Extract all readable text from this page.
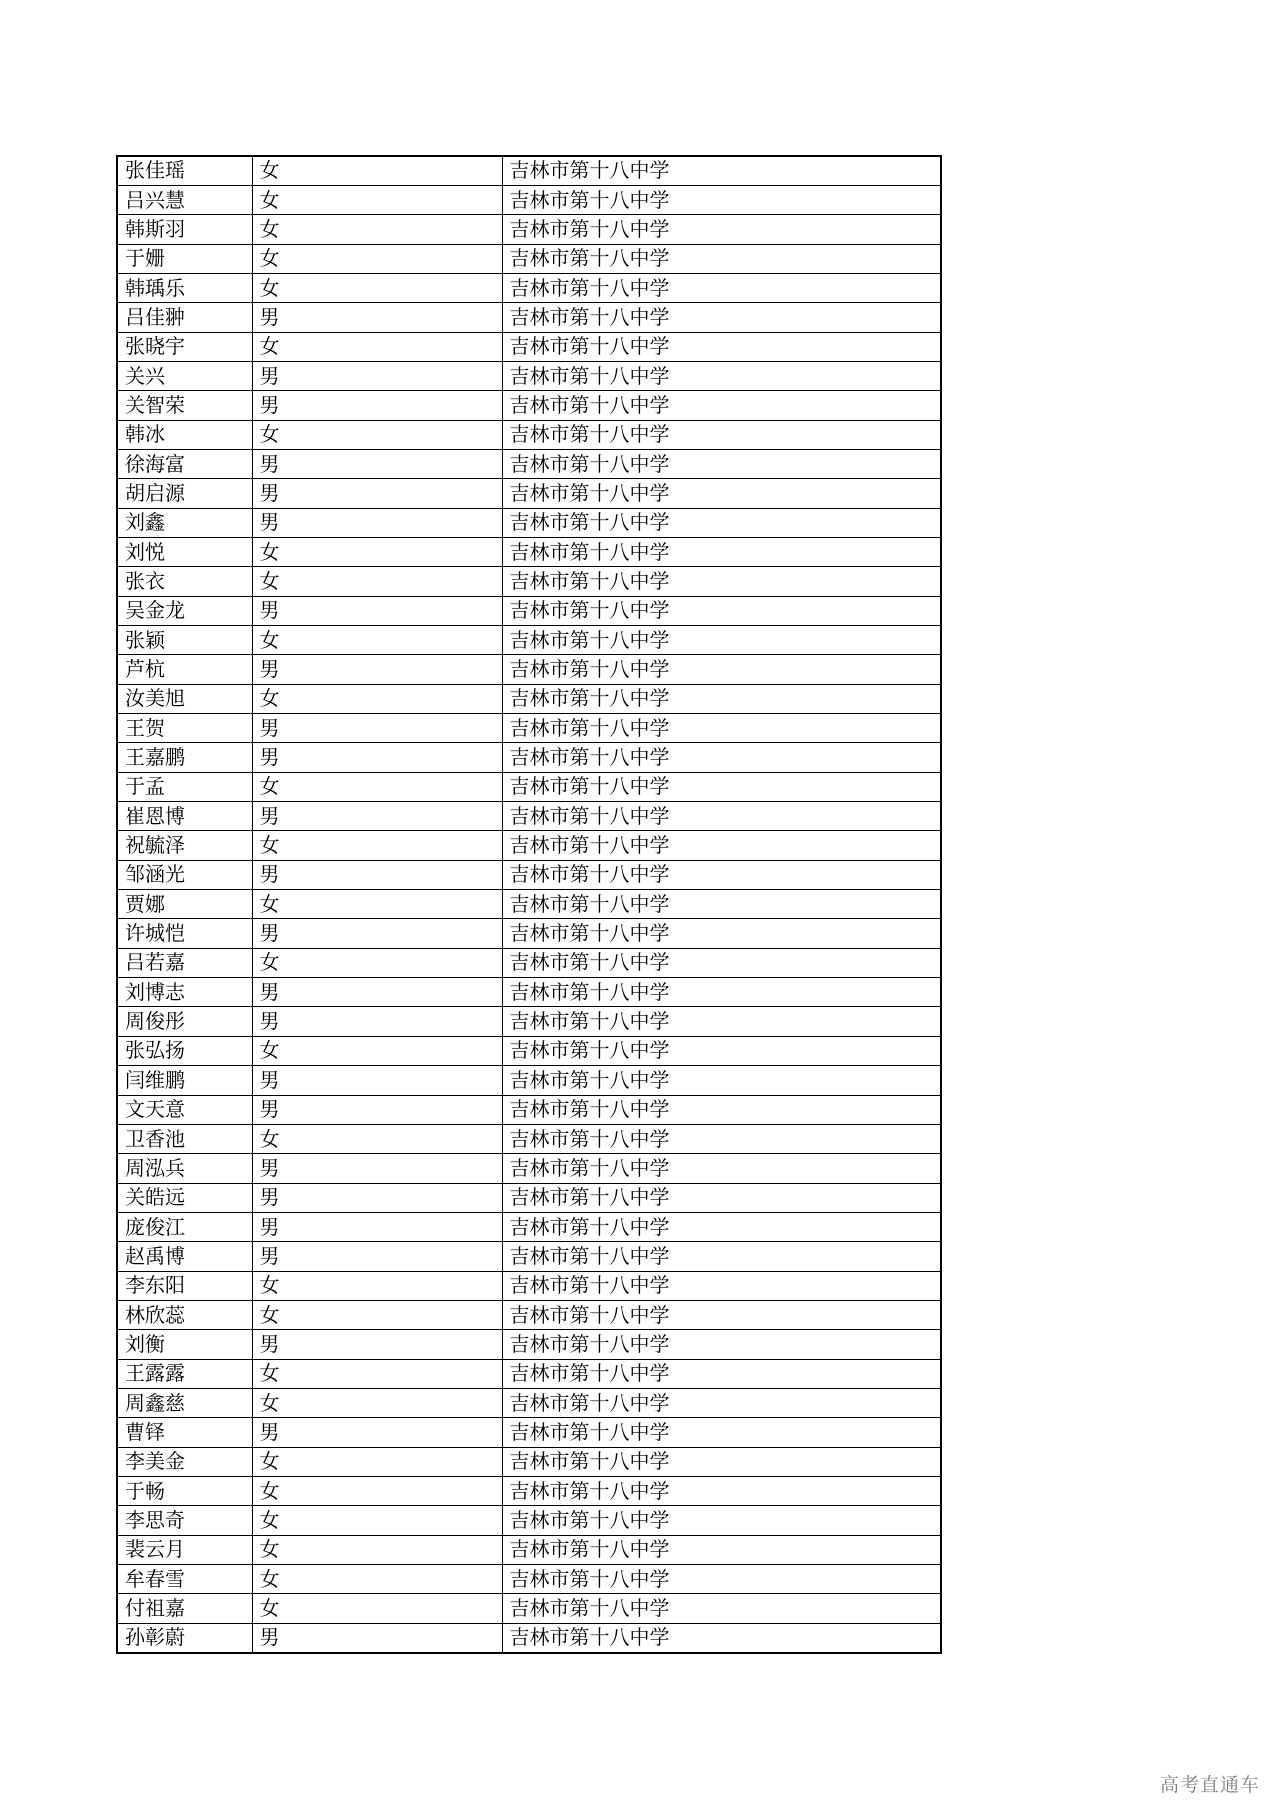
张佳瑶	女	吉林市第十八中学
吕兴慧	女	吉林市第十八中学
韩斯羽	女	吉林市第十八中学
于姗	女	吉林市第十八中学
韩瑀乐	女	吉林市第十八中学
吕佳翀	男	吉林市第十八中学
张晓宇	女	吉林市第十八中学
关兴	男	吉林市第十八中学
关智荣	男	吉林市第十八中学
韩冰	女	吉林市第十八中学
徐海富	男	吉林市第十八中学
胡启源	男	吉林市第十八中学
刘鑫	男	吉林市第十八中学
刘悦	女	吉林市第十八中学
张衣	女	吉林市第十八中学
吴金龙	男	吉林市第十八中学
张颖	女	吉林市第十八中学
芦杭	男	吉林市第十八中学
汝美旭	女	吉林市第十八中学
王贺	男	吉林市第十八中学
王嘉鹏	男	吉林市第十八中学
于孟	女	吉林市第十八中学
崔恩博	男	吉林市第十八中学
祝毓泽	女	吉林市第十八中学
邹涵光	男	吉林市第十八中学
贾娜	女	吉林市第十八中学
许城恺	男	吉林市第十八中学
吕若嘉	女	吉林市第十八中学
刘博志	男	吉林市第十八中学
周俊彤	男	吉林市第十八中学
张弘扬	女	吉林市第十八中学
闫维鹏	男	吉林市第十八中学
文天意	男	吉林市第十八中学
卫香池	女	吉林市第十八中学
周泓兵	男	吉林市第十八中学
关皓远	男	吉林市第十八中学
庞俊江	男	吉林市第十八中学
赵禹博	男	吉林市第十八中学
李东阳	女	吉林市第十八中学
林欣蕊	女	吉林市第十八中学
刘衡	男	吉林市第十八中学
王露露	女	吉林市第十八中学
周鑫慈	女	吉林市第十八中学
曹铎	男	吉林市第十八中学
李美金	女	吉林市第十八中学
于畅	女	吉林市第十八中学
李思奇	女	吉林市第十八中学
裴云月	女	吉林市第十八中学
牟春雪	女	吉林市第十八中学
付祖嘉	女	吉林市第十八中学
孙彰蔚	男	吉林市第十八中学
高考直通车
